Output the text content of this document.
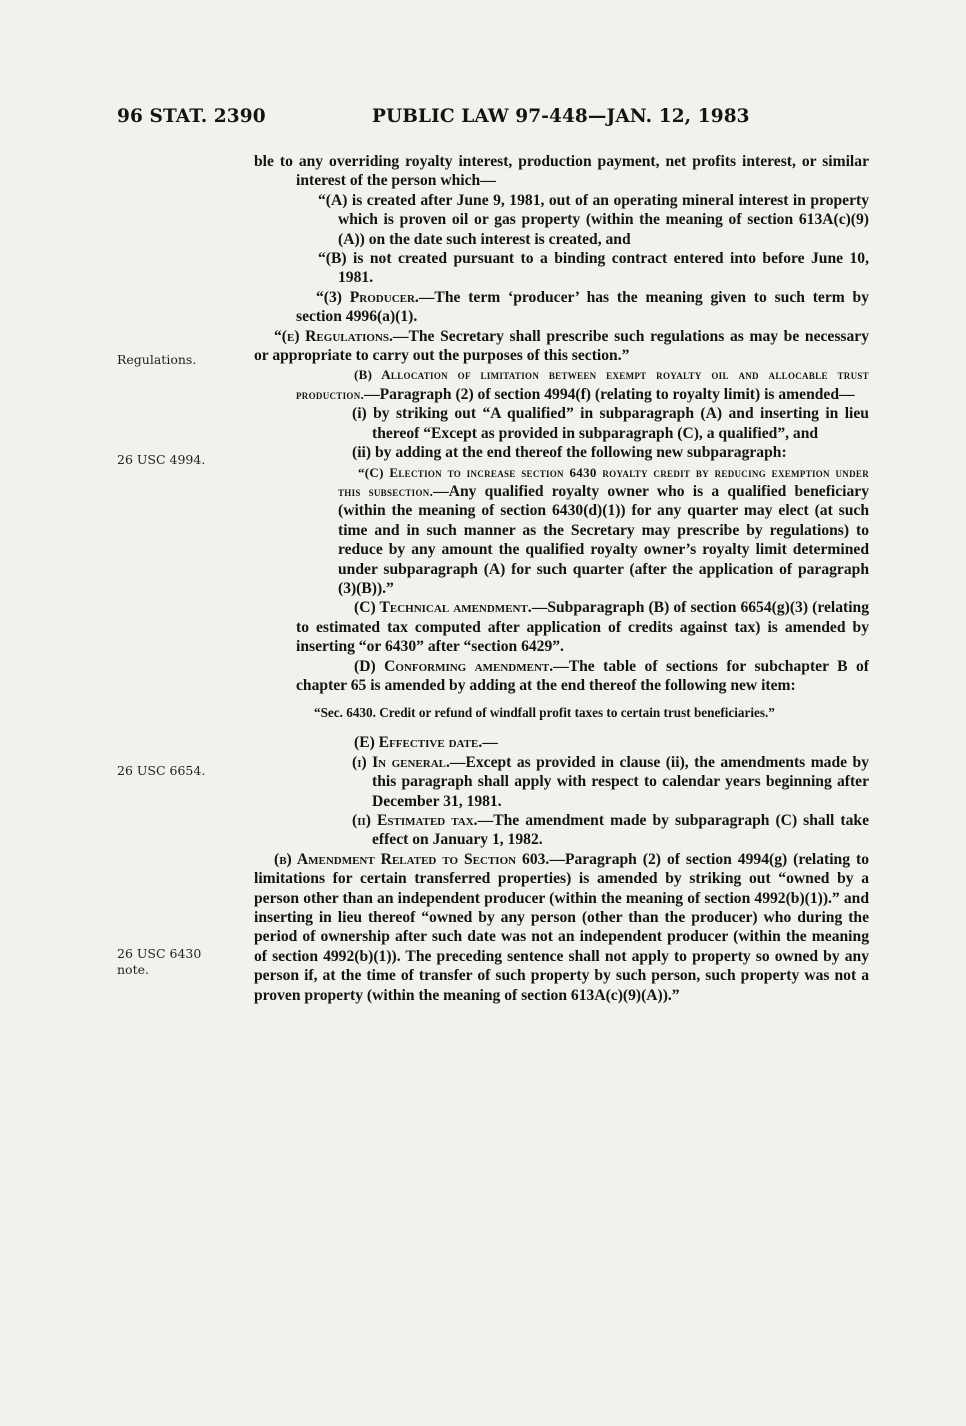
96 STAT. 2390	PUBLIC LAW 97-448—JAN. 12, 1983
Regulations.
26 USC 4994.
26 USC 6654.
26 USC 6430
note.

ble to any overriding royalty interest, production payment, net profits interest, or similar interest of the person which—

“(A) is created after June 9, 1981, out of an operating mineral interest in property which is proven oil or gas property (within the meaning of section 613A(c)(9)(A)) on the date such interest is created, and

“(B) is not created pursuant to a binding contract entered into before June 10, 1981.

“(3) Producer.—The term ‘producer’ has the meaning given to such term by section 4996(a)(1).

“(e) Regulations.—The Secretary shall prescribe such regulations as may be necessary or appropriate to carry out the purposes of this section.”

(B) Allocation of limitation between exempt royalty oil and allocable trust production.—Paragraph (2) of section 4994(f) (relating to royalty limit) is amended—

(i) by striking out “A qualified” in subparagraph (A) and inserting in lieu thereof “Except as provided in subparagraph (C), a qualified”, and

(ii) by adding at the end thereof the following new subparagraph:

“(C) Election to increase section 6430 royalty credit by reducing exemption under this subsection.—Any qualified royalty owner who is a qualified beneficiary (within the meaning of section 6430(d)(1)) for any quarter may elect (at such time and in such manner as the Secretary may prescribe by regulations) to reduce by any amount the qualified royalty owner’s royalty limit determined under subparagraph (A) for such quarter (after the application of paragraph (3)(B)).”

(C) Technical amendment.—Subparagraph (B) of section 6654(g)(3) (relating to estimated tax computed after application of credits against tax) is amended by inserting “or 6430” after “section 6429”.

(D) Conforming amendment.—The table of sections for subchapter B of chapter 65 is amended by adding at the end thereof the following new item:

“Sec. 6430. Credit or refund of windfall profit taxes to certain trust beneficiaries.”

(E) Effective date.—

(i) In general.—Except as provided in clause (ii), the amendments made by this paragraph shall apply with respect to calendar years beginning after December 31, 1981.

(ii) Estimated tax.—The amendment made by subparagraph (C) shall take effect on January 1, 1982.

(b) Amendment Related to Section 603.—Paragraph (2) of section 4994(g) (relating to limitations for certain transferred properties) is amended by striking out “owned by a person other than an independent producer (within the meaning of section 4992(b)(1)).” and inserting in lieu thereof “owned by any person (other than the producer) who during the period of ownership after such date was not an independent producer (within the meaning of section 4992(b)(1)). The preceding sentence shall not apply to property so owned by any person if, at the time of transfer of such property by such person, such property was not a proven property (within the meaning of section 613A(c)(9)(A)).”
